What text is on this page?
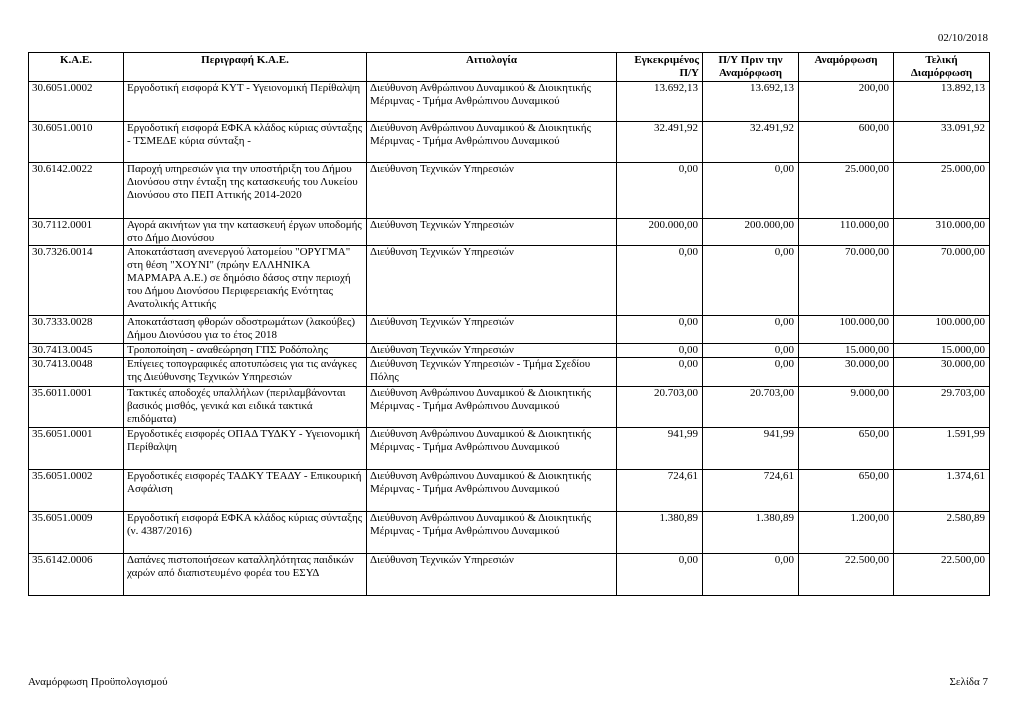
02/10/2018
Κ.Α.Ε.	Περιγραφή Κ.Α.Ε.	Αιτιολογία	Εγκεκριμένος Π/Υ	Π/Υ Πριν την Αναμόρφωση	Αναμόρφωση	Τελική Διαμόρφωση
30.6051.0002	Εργοδοτική εισφορά ΚΥΤ - Υγειονομική Περίθαλψη	Διεύθυνση Ανθρώπινου Δυναμικού & Διοικητικής Μέριμνας - Τμήμα Ανθρώπινου Δυναμικού	13.692,13	13.692,13	200,00	13.892,13
30.6051.0010	Εργοδοτική εισφορά ΕΦΚΑ κλάδος κύριας σύνταξης - ΤΣΜΕΔΕ κύρια σύνταξη -	Διεύθυνση Ανθρώπινου Δυναμικού & Διοικητικής Μέριμνας - Τμήμα Ανθρώπινου Δυναμικού	32.491,92	32.491,92	600,00	33.091,92
30.6142.0022	Παροχή υπηρεσιών για την υποστήριξη του Δήμου Διονύσου στην ένταξη της κατασκευής του Λυκείου Διονύσου στο ΠΕΠ Αττικής 2014-2020	Διεύθυνση Τεχνικών Υπηρεσιών	0,00	0,00	25.000,00	25.000,00
30.7112.0001	Αγορά ακινήτων για την κατασκευή έργων υποδομής στο Δήμο Διονύσου	Διεύθυνση Τεχνικών Υπηρεσιών	200.000,00	200.000,00	110.000,00	310.000,00
30.7326.0014	Αποκατάσταση ανενεργού λατομείου "ΟΡΥΓΜΑ" στη θέση "ΧΟΥΝΙ" (πρώην ΕΛΛΗΝΙΚΑ ΜΑΡΜΑΡΑ Α.Ε.) σε δημόσιο δάσος στην περιοχή του Δήμου Διονύσου Περιφερειακής Ενότητας Ανατολικής Αττικής	Διεύθυνση Τεχνικών Υπηρεσιών	0,00	0,00	70.000,00	70.000,00
30.7333.0028	Αποκατάσταση φθορών οδοστρωμάτων (λακούβες) Δήμου Διονύσου για το έτος 2018	Διεύθυνση Τεχνικών Υπηρεσιών	0,00	0,00	100.000,00	100.000,00
30.7413.0045	Τροποποίηση - αναθεώρηση ΓΠΣ Ροδόπολης	Διεύθυνση Τεχνικών Υπηρεσιών	0,00	0,00	15.000,00	15.000,00
30.7413.0048	Επίγειες τοπογραφικές αποτυπώσεις για τις ανάγκες της Διεύθυνσης Τεχνικών Υπηρεσιών	Διεύθυνση Τεχνικών Υπηρεσιών - Τμήμα Σχεδίου Πόλης	0,00	0,00	30.000,00	30.000,00
35.6011.0001	Τακτικές αποδοχές υπαλλήλων (περιλαμβάνονται βασικός μισθός, γενικά και ειδικά τακτικά επιδόματα)	Διεύθυνση Ανθρώπινου Δυναμικού & Διοικητικής Μέριμνας - Τμήμα Ανθρώπινου Δυναμικού	20.703,00	20.703,00	9.000,00	29.703,00
35.6051.0001	Εργοδοτικές εισφορές ΟΠΑΔ ΤΥΔΚΥ - Υγειονομική Περίθαλψη	Διεύθυνση Ανθρώπινου Δυναμικού & Διοικητικής Μέριμνας - Τμήμα Ανθρώπινου Δυναμικού	941,99	941,99	650,00	1.591,99
35.6051.0002	Εργοδοτικές εισφορές ΤΑΔΚΥ ΤΕΑΔΥ - Επικουρική Ασφάλιση	Διεύθυνση Ανθρώπινου Δυναμικού & Διοικητικής Μέριμνας - Τμήμα Ανθρώπινου Δυναμικού	724,61	724,61	650,00	1.374,61
35.6051.0009	Εργοδοτική εισφορά ΕΦΚΑ κλάδος κύριας σύνταξης (ν. 4387/2016)	Διεύθυνση Ανθρώπινου Δυναμικού & Διοικητικής Μέριμνας - Τμήμα Ανθρώπινου Δυναμικού	1.380,89	1.380,89	1.200,00	2.580,89
35.6142.0006	Δαπάνες πιστοποιήσεων καταλληλότητας παιδικών χαρών από διαπιστευμένο φορέα του ΕΣΥΔ	Διεύθυνση Τεχνικών Υπηρεσιών	0,00	0,00	22.500,00	22.500,00
Αναμόρφωση Προϋπολογισμού	Σελίδα 7
